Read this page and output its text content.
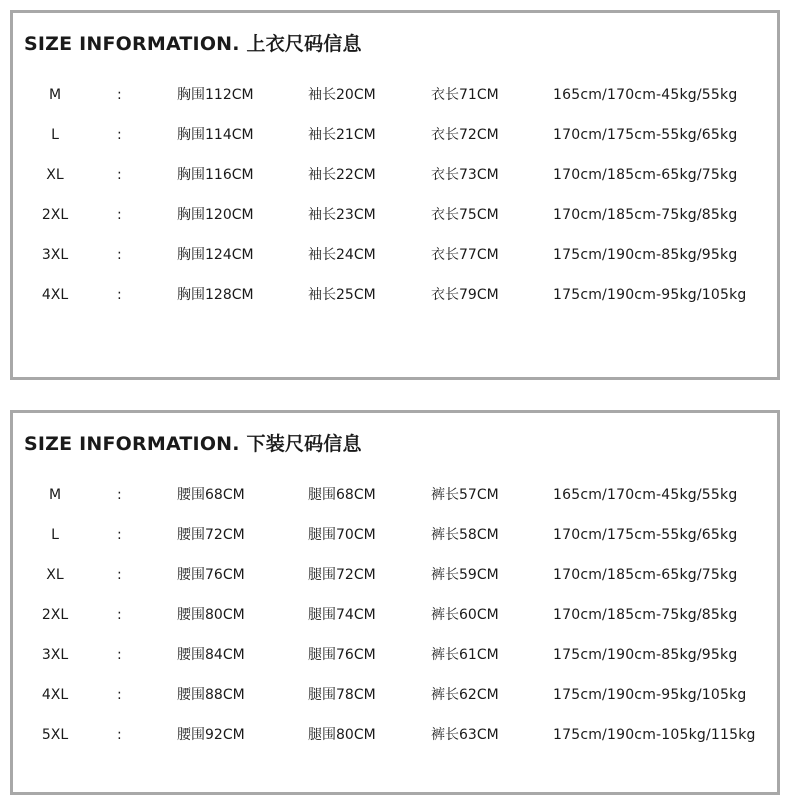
SIZE INFORMATION. 上衣尺码信息
M	:	胸围112CM	袖长20CM	衣长71CM	165cm/170cm-45kg/55kg
L	:	胸围114CM	袖长21CM	衣长72CM	170cm/175cm-55kg/65kg
XL	:	胸围116CM	袖长22CM	衣长73CM	170cm/185cm-65kg/75kg
2XL	:	胸围120CM	袖长23CM	衣长75CM	170cm/185cm-75kg/85kg
3XL	:	胸围124CM	袖长24CM	衣长77CM	175cm/190cm-85kg/95kg
4XL	:	胸围128CM	袖长25CM	衣长79CM	175cm/190cm-95kg/105kg
SIZE INFORMATION. 下装尺码信息
M	:	腰围68CM	腿围68CM	裤长57CM	165cm/170cm-45kg/55kg
L	:	腰围72CM	腿围70CM	裤长58CM	170cm/175cm-55kg/65kg
XL	:	腰围76CM	腿围72CM	裤长59CM	170cm/185cm-65kg/75kg
2XL	:	腰围80CM	腿围74CM	裤长60CM	170cm/185cm-75kg/85kg
3XL	:	腰围84CM	腿围76CM	裤长61CM	175cm/190cm-85kg/95kg
4XL	:	腰围88CM	腿围78CM	裤长62CM	175cm/190cm-95kg/105kg
5XL	:	腰围92CM	腿围80CM	裤长63CM	175cm/190cm-105kg/115kg
